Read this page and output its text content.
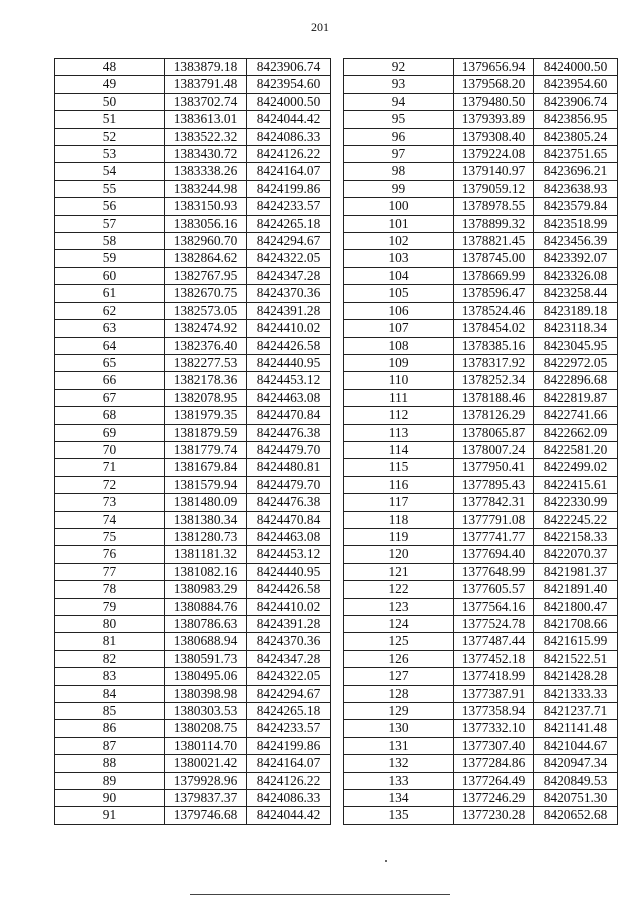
201
48	1383879.18	8423906.74
49	1383791.48	8423954.60
50	1383702.74	8424000.50
51	1383613.01	8424044.42
52	1383522.32	8424086.33
53	1383430.72	8424126.22
54	1383338.26	8424164.07
55	1383244.98	8424199.86
56	1383150.93	8424233.57
57	1383056.16	8424265.18
58	1382960.70	8424294.67
59	1382864.62	8424322.05
60	1382767.95	8424347.28
61	1382670.75	8424370.36
62	1382573.05	8424391.28
63	1382474.92	8424410.02
64	1382376.40	8424426.58
65	1382277.53	8424440.95
66	1382178.36	8424453.12
67	1382078.95	8424463.08
68	1381979.35	8424470.84
69	1381879.59	8424476.38
70	1381779.74	8424479.70
71	1381679.84	8424480.81
72	1381579.94	8424479.70
73	1381480.09	8424476.38
74	1381380.34	8424470.84
75	1381280.73	8424463.08
76	1381181.32	8424453.12
77	1381082.16	8424440.95
78	1380983.29	8424426.58
79	1380884.76	8424410.02
80	1380786.63	8424391.28
81	1380688.94	8424370.36
82	1380591.73	8424347.28
83	1380495.06	8424322.05
84	1380398.98	8424294.67
85	1380303.53	8424265.18
86	1380208.75	8424233.57
87	1380114.70	8424199.86
88	1380021.42	8424164.07
89	1379928.96	8424126.22
90	1379837.37	8424086.33
91	1379746.68	8424044.42
92	1379656.94	8424000.50
93	1379568.20	8423954.60
94	1379480.50	8423906.74
95	1379393.89	8423856.95
96	1379308.40	8423805.24
97	1379224.08	8423751.65
98	1379140.97	8423696.21
99	1379059.12	8423638.93
100	1378978.55	8423579.84
101	1378899.32	8423518.99
102	1378821.45	8423456.39
103	1378745.00	8423392.07
104	1378669.99	8423326.08
105	1378596.47	8423258.44
106	1378524.46	8423189.18
107	1378454.02	8423118.34
108	1378385.16	8423045.95
109	1378317.92	8422972.05
110	1378252.34	8422896.68
111	1378188.46	8422819.87
112	1378126.29	8422741.66
113	1378065.87	8422662.09
114	1378007.24	8422581.20
115	1377950.41	8422499.02
116	1377895.43	8422415.61
117	1377842.31	8422330.99
118	1377791.08	8422245.22
119	1377741.77	8422158.33
120	1377694.40	8422070.37
121	1377648.99	8421981.37
122	1377605.57	8421891.40
123	1377564.16	8421800.47
124	1377524.78	8421708.66
125	1377487.44	8421615.99
126	1377452.18	8421522.51
127	1377418.99	8421428.28
128	1377387.91	8421333.33
129	1377358.94	8421237.71
130	1377332.10	8421141.48
131	1377307.40	8421044.67
132	1377284.86	8420947.34
133	1377264.49	8420849.53
134	1377246.29	8420751.30
135	1377230.28	8420652.68
